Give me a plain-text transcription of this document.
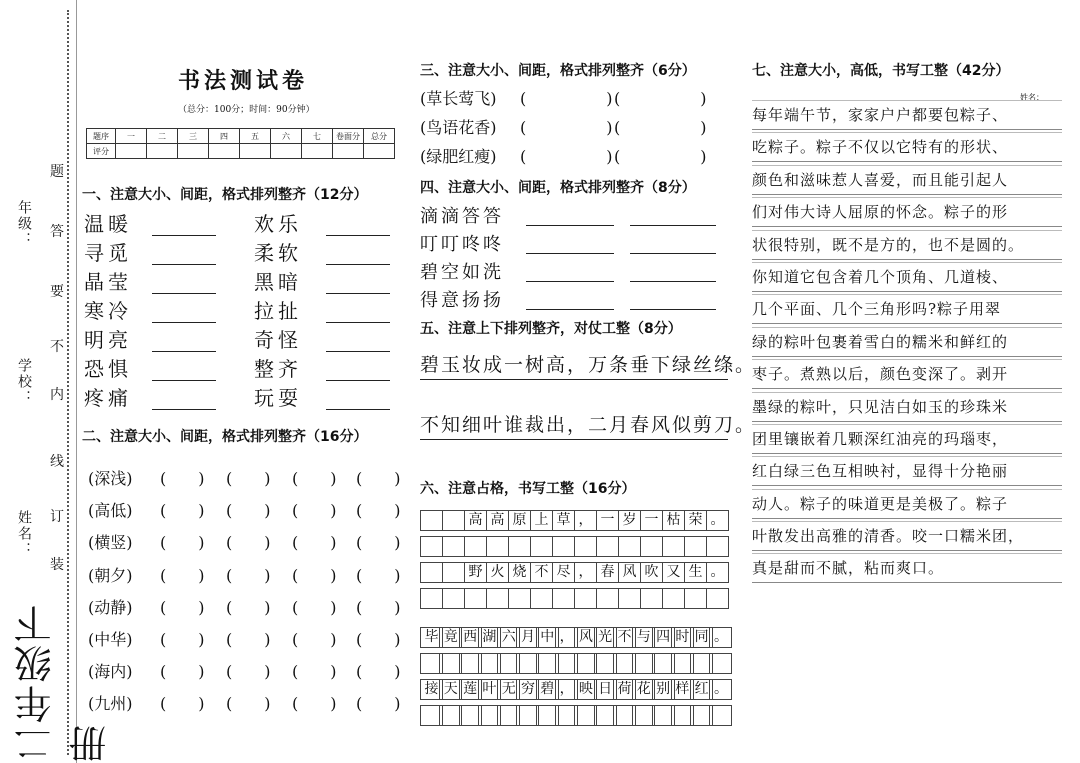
年级：
学校：
姓名：
二年级下册
题
答
要
不
内
线
订
装
书法测试卷
（总分：100分；时间：90分钟）
题序	一	二	三	四	五	六	七	卷面分	总分
评分									
一、注意大小、间距，格式排列整齐（12分）
温暖	欢乐
寻觅	柔软
晶莹	黑暗
寒冷	拉扯
明亮	奇怪
恐惧	整齐
疼痛	玩耍
二、注意大小、间距，格式排列整齐（16分）
(深浅) (　　) (　　) (　　) (　　)
(高低) (　　) (　　) (　　) (　　)
(横竖) (　　) (　　) (　　) (　　)
(朝夕) (　　) (　　) (　　) (　　)
(动静) (　　) (　　) (　　) (　　)
(中华) (　　) (　　) (　　) (　　)
(海内) (　　) (　　) (　　) (　　)
(九州) (　　) (　　) (　　) (　　)
三、注意大小、间距，格式排列整齐（6分）
(草长莺飞) (　　　　　) (　　　　　)
(鸟语花香) (　　　　　) (　　　　　)
(绿肥红瘦) (　　　　　) (　　　　　)
四、注意大小、间距，格式排列整齐（8分）
滴滴答答
叮叮咚咚
碧空如洗
得意扬扬
五、注意上下排列整齐，对仗工整（8分）
碧玉妆成一树高，万条垂下绿丝绦。
不知细叶谁裁出，二月春风似剪刀。
六、注意占格，书写工整（16分）
高 高 原 上 草 ， 一 岁 一 枯 荣 。
野 火 烧 不 尽 ， 春 风 吹 又 生 。
毕 竟 西 湖 六 月 中 ， 风 光 不 与 四 时 同 。
接 天 莲 叶 无 穷 碧 ， 映 日 荷 花 别 样 红 。
七、注意大小，高低，书写工整（42分）
姓名：
每年端午节，家家户户都要包粽子、
吃粽子。粽子不仅以它特有的形状、
颜色和滋味惹人喜爱，而且能引起人
们对伟大诗人屈原的怀念。粽子的形
状很特别，既不是方的，也不是圆的。
你知道它包含着几个顶角、几道棱、
几个平面、几个三角形吗?粽子用翠
绿的粽叶包裹着雪白的糯米和鲜红的
枣子。煮熟以后，颜色变深了。剥开
墨绿的粽叶，只见洁白如玉的珍珠米
团里镶嵌着几颗深红油亮的玛瑙枣，
红白绿三色互相映衬，显得十分艳丽
动人。粽子的味道更是美极了。粽子
叶散发出高雅的清香。咬一口糯米团，
真是甜而不腻，粘而爽口。
